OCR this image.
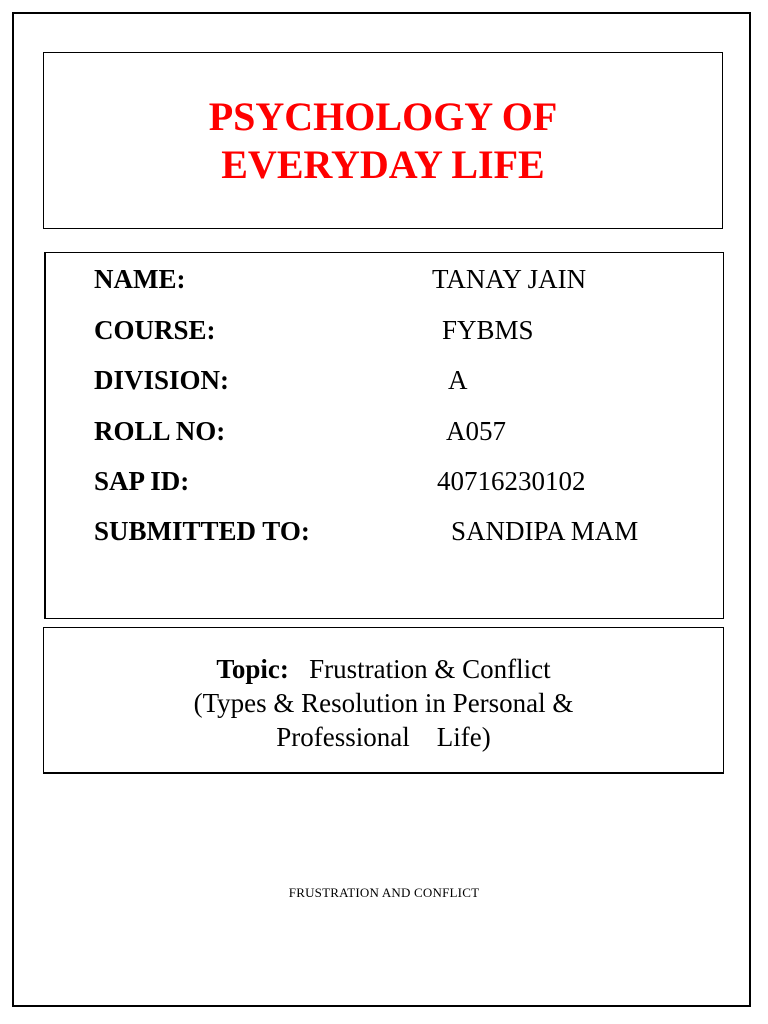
PSYCHOLOGY OF
EVERYDAY LIFE
NAME:	TANAY JAIN
COURSE:	FYBMS
DIVISION:	A
ROLL NO:	A057
SAP ID:	40716230102
SUBMITTED TO:	SANDIPA MAM
Topic: Frustration & Conflict
(Types & Resolution in Personal &
Professional    Life)
FRUSTRATION AND CONFLICT
